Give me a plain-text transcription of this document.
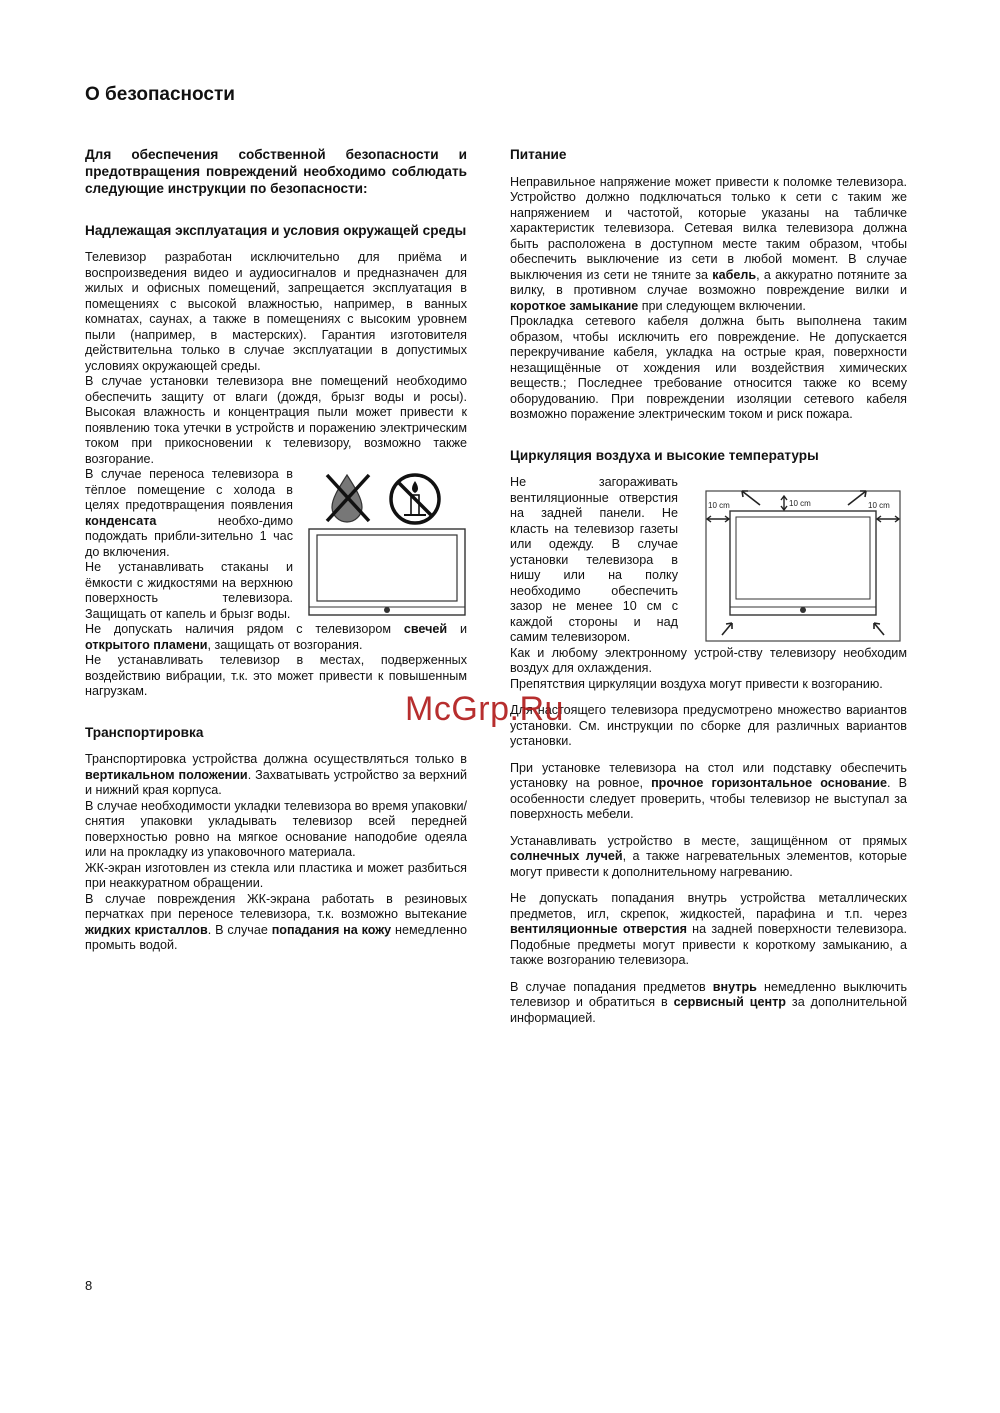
О безопасности

Для обеспечения собственной безопасности и предотвращения повреждений необходимо соблюдать следующие инструкции по безопасности:

Надлежащая эксплуатация и условия окружащей среды

Телевизор разработан исключительно для приёма и воспроизведения видео и аудиосигналов и предназначен для жилых и офисных помещений, запрещается эксплуатация в помещениях с высокой влажностью, например, в ванных комнатах, саунах, а также в помещениях с высоким уровнем пыли (например, в мастерских). Гарантия изготовителя действительна только в случае эксплуатации в допустимых условиях окружающей среды.

В случае установки телевизора вне помещений необходимо обеспечить защиту от влаги (дождя, брызг воды и росы). Высокая влажность и концентрация пыли может привести к появлению тока утечки в устройств и поражению электрическим током при прикосновении к телевизору, возможно также возгорание.

В случае переноса телевизора в тёплое помещение с холода в целях предотвращения появления конденсата необхо-димо подождать прибли-зительно 1 час до включения.

Не устанавливать стаканы и ёмкости с жидкостями на верхнюю поверхность телевизора. Защищать от капель и брызг воды.

Не допускать наличия рядом с телевизором свечей и открытого пламени, защищать от возгорания.

Не устанавливать телевизор в местах, подверженных воздействию вибрации, т.к. это может привести к повышенным нагрузкам.

Транспортировка

Транспортировка устройства должна осуществляться только в вертикальном положении. Захватывать устройство за верхний и нижний края корпуса.

В случае необходимости укладки телевизора во время упаковки/снятия упаковки укладывать телевизор всей передней поверхностью ровно на мягкое основание наподобие одеяла или на прокладку из упаковочного материала.

ЖК-экран изготовлен из стекла или пластика и может разбиться при неаккуратном обращении.

В случае повреждения ЖК-экрана работать в резиновых перчатках при переносе телевизора, т.к. возможно вытекание жидких кристаллов. В случае попадания на кожу немедленно промыть водой.

Питание

Неправильное напряжение может привести к поломке телевизора. Устройство должно подключаться только к сети с таким же напряжением и частотой, которые указаны на табличке характеристик телевизора. Сетевая вилка телевизора должна быть расположена в доступном месте таким образом, чтобы обеспечить выключение из сети в любой момент. В случае выключения из сети не тяните за кабель, а аккуратно потяните за вилку, в противном случае возможно повреждение вилки и короткое замыкание при следующем включении.

Прокладка сетевого кабеля должна быть выполнена таким образом, чтобы исключить его повреждение. Не допускается перекручивание кабеля, укладка на острые края, поверхности незащищённые от хождения или воздействия химических веществ.; Последнее требование относится также ко всему оборудованию. При повреждении изоляции сетевого кабеля возможно поражение электрическим током и риск пожара.

Циркуляция воздуха и высокие температуры
10 cm
10 cm	10 cm

Не загораживать вентиляционные отверстия на задней панели. Не класть на телевизор газеты или одежду. В случае установки телевизора в нишу или на полку необходимо обеспечить зазор не менее 10 см с каждой стороны и над самим телевизором.

Как и любому электронному устрой-ству телевизору необходим воздух для охлаждения.

Препятствия циркуляции воздуха могут привести к возгоранию.

Для настоящего телевизора предусмотрено множество вариантов установки. См. инструкции по сборке для различных вариантов установки.

При установке телевизора на стол или подставку обеспечить установку на ровное, прочное горизонтальное основание. В особенности следует проверить, чтобы телевизор не выступал за поверхность мебели.

Устанавливать устройство в месте, защищённом от прямых солнечных лучей, а также нагревательных элементов, которые могут привести к дополнительному нагреванию.

Не допускать попадания внутрь устройства металлических предметов, игл, скрепок, жидкостей, парафина и т.п. через вентиляционные отверстия на задней поверхности телевизора. Подобные предметы могут привести к короткому замыканию, а также возгоранию телевизора.

В случае попадания предметов внутрь немедленно выключить телевизор и обратиться в сервисный центр за дополнительной информацией.

McGrp.Ru

8
